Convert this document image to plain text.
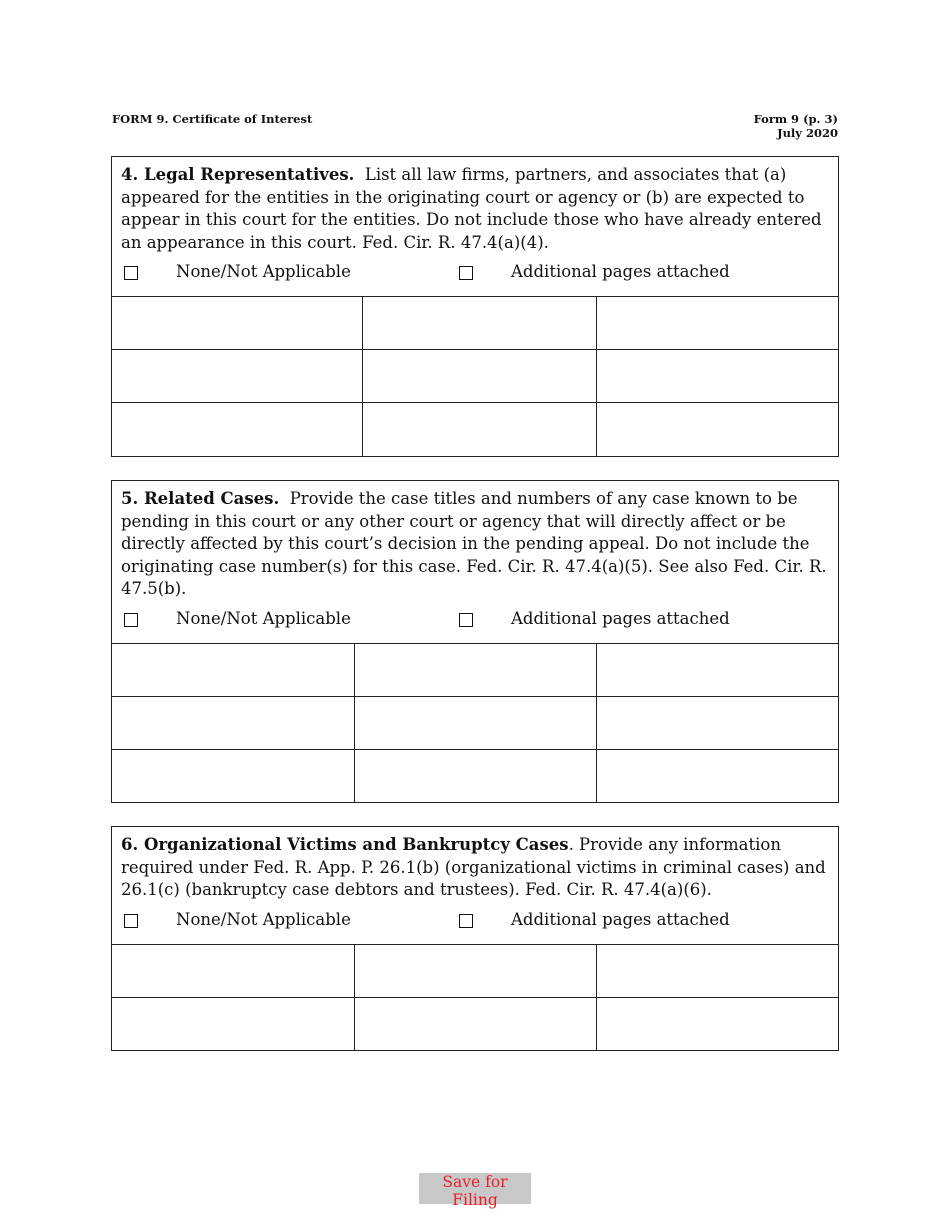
FORM 9. Certificate of Interest	Form 9 (p. 3)
July 2020
4. Legal Representatives. List all law firms, partners, and associates that (a) appeared for the entities in the originating court or agency or (b) are expected to appear in this court for the entities. Do not include those who have already entered an appearance in this court. Fed. Cir. R. 47.4(a)(4).
None/Not Applicable	Additional pages attached

5. Related Cases. Provide the case titles and numbers of any case known to be pending in this court or any other court or agency that will directly affect or be directly affected by this court’s decision in the pending appeal. Do not include the originating case number(s) for this case. Fed. Cir. R. 47.4(a)(5). See also Fed. Cir. R. 47.5(b).
None/Not Applicable	Additional pages attached

6. Organizational Victims and Bankruptcy Cases. Provide any information required under Fed. R. App. P. 26.1(b) (organizational victims in criminal cases) and 26.1(c) (bankruptcy case debtors and trustees). Fed. Cir. R. 47.4(a)(6).
None/Not Applicable	Additional pages attached

Save for Filing
